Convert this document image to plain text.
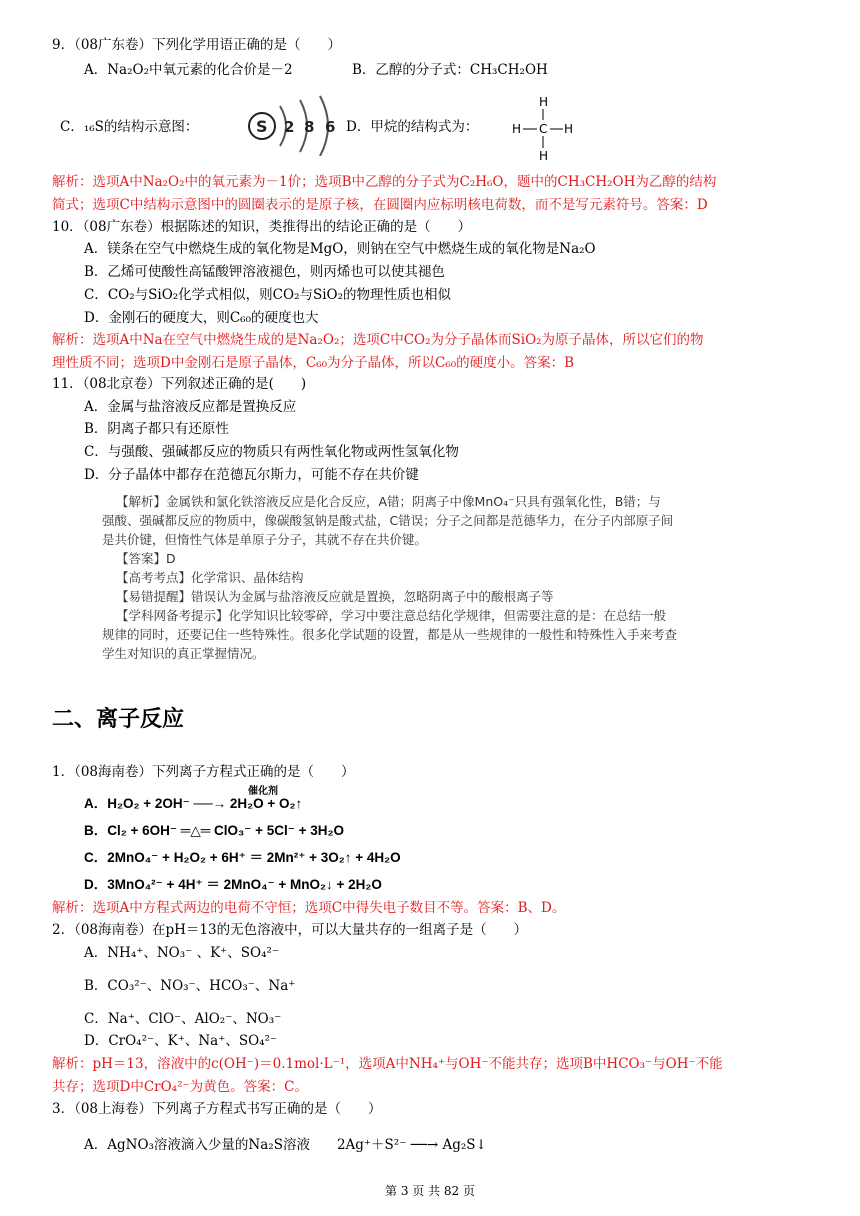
9．（08广东卷）下列化学用语正确的是（　　）
A．Na₂O₂中氧元素的化合价是－2	B．乙醇的分子式：CH₃CH₂OH
C．₁₆S的结构示意图：	S 2 8 6 D．甲烷的结构式为：
H
C
H	H
H
解析：选项A中Na₂O₂中的氧元素为－1价；选项B中乙醇的分子式为C₂H₆O，题中的CH₃CH₂OH为乙醇的结构
简式；选项C中结构示意图中的圆圈表示的是原子核，在圆圈内应标明核电荷数，而不是写元素符号。答案：D
10．（08广东卷）根据陈述的知识，类推得出的结论正确的是（　　）
A．镁条在空气中燃烧生成的氧化物是MgO，则钠在空气中燃烧生成的氧化物是Na₂O
B．乙烯可使酸性高锰酸钾溶液褪色，则丙烯也可以使其褪色
C．CO₂与SiO₂化学式相似，则CO₂与SiO₂的物理性质也相似
D．金刚石的硬度大，则C₆₀的硬度也大
解析：选项A中Na在空气中燃烧生成的是Na₂O₂；选项C中CO₂为分子晶体而SiO₂为原子晶体，所以它们的物
理性质不同；选项D中金刚石是原子晶体，C₆₀为分子晶体，所以C₆₀的硬度小。答案：B
11．（08北京卷）下列叙述正确的是(　　)
A．金属与盐溶液反应都是置换反应
B．阴离子都只有还原性
C．与强酸、强碱都反应的物质只有两性氧化物或两性氢氧化物
D．分子晶体中都存在范德瓦尔斯力，可能不存在共价键
【解析】金属铁和氯化铁溶液反应是化合反应，A错；阴离子中像MnO₄⁻只具有强氧化性，B错；与
强酸、强碱都反应的物质中，像碳酸氢钠是酸式盐，C错误；分子之间都是范德华力，在分子内部原子间
是共价键，但惰性气体是单原子分子，其就不存在共价键。
【答案】D
【高考考点】化学常识、晶体结构
【易错提醒】错误认为金属与盐溶液反应就是置换，忽略阴离子中的酸根离子等
【学科网备考提示】化学知识比较零碎，学习中要注意总结化学规律，但需要注意的是：在总结一般
规律的同时，还要记住一些特殊性。很多化学试题的设置，都是从一些规律的一般性和特殊性入手来考查
学生对知识的真正掌握情况。
二、离子反应
1．（08海南卷）下列离子方程式正确的是（　　）
A．H₂O₂ + 2OH⁻ ──→ 2H₂O + O₂↑
催化剂
B．Cl₂ + 6OH⁻ ═△═ ClO₃⁻ + 5Cl⁻ + 3H₂O
C．2MnO₄⁻ + H₂O₂ + 6H⁺ ＝ 2Mn²⁺ + 3O₂↑ + 4H₂O
D．3MnO₄²⁻ + 4H⁺ ＝ 2MnO₄⁻ + MnO₂↓ + 2H₂O
解析：选项A中方程式两边的电荷不守恒；选项C中得失电子数目不等。答案：B、D。
2．（08海南卷）在pH＝13的无色溶液中，可以大量共存的一组离子是（　　）
A．NH₄⁺、NO₃⁻ 、K⁺、SO₄²⁻
B．CO₃²⁻、NO₃⁻、HCO₃⁻、Na⁺
C．Na⁺、ClO⁻、AlO₂⁻、NO₃⁻
D．CrO₄²⁻、K⁺、Na⁺、SO₄²⁻
解析：pH＝13，溶液中的c(OH⁻)＝0.1mol·L⁻¹，选项A中NH₄⁺与OH⁻不能共存；选项B中HCO₃⁻与OH⁻不能
共存；选项D中CrO₄²⁻为黄色。答案：C。
3．（08上海卷）下列离子方程式书写正确的是（　　）
A．AgNO₃溶液滴入少量的Na₂S溶液　　2Ag⁺＋S²⁻ ──→ Ag₂S↓
第 3 页 共 82 页
